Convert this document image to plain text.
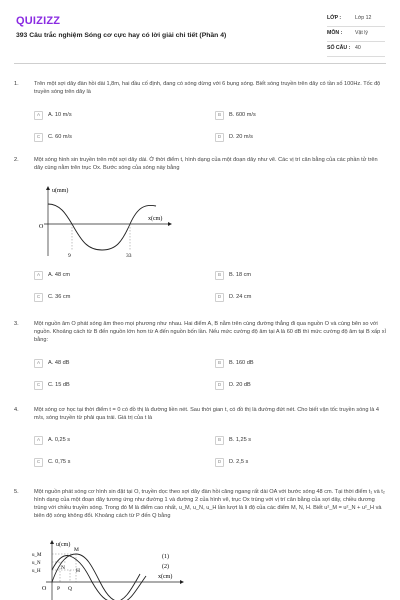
QUIZIZZ
393 Câu trắc nghiệm Sóng cơ cực hay có lời giải chi tiết (Phần 4)
LỚP :	Lớp 12
MÔN :	Vật lý
SỐ CÂU : 40
1.	Trên một sợi dây đàn hồi dài 1,8m, hai đầu cố định, đang có sóng dừng với 6 bụng sóng. Biết sóng truyền trên dây có tần số 100Hz. Tốc độ truyền sóng trên dây là
A	A. 10 m/s	B	B. 600 m/s
C	C. 60 m/s	D	D. 20 m/s
2.	Một sóng hình sin truyền trên một sợi dây dài. Ở thời điểm t, hình dạng của một đoạn dây như vẽ. Các vị trí cân bằng của các phần tử trên dây cùng nằm trên trục Ox. Bước sóng của sóng này bằng
u(mm)
x(cm)
O
9	33
A	A. 48 cm	B	B. 18 cm
C	C. 36 cm	D	D. 24 cm
3.	Một nguồn âm O phát sóng âm theo mọi phương như nhau. Hai điểm A, B nằm trên cùng đường thẳng đi qua nguồn O và cùng bên so với nguồn. Khoảng cách từ B đến nguồn lớn hơn từ A đến nguồn bốn lần. Nếu mức cường độ âm tại A là 60 dB thì mức cường độ âm tại B xấp xỉ bằng:
A	A. 48 dB	B	B. 160 dB
C	C. 15 dB	D	D. 20 dB
4.	Một sóng cơ học tại thời điểm t = 0 có đồ thị là đường liền nét. Sau thời gian t, có đồ thị là đường đứt nét. Cho biết vận tốc truyền sóng là 4 m/s, sóng truyền từ phải qua trái. Giá trị của t là
A	A. 0,25 s	B	B. 1,25 s
C	C. 0,75 s	D	D. 2,5 s
5.	Một nguồn phát sóng cơ hình sin đặt tại O, truyền dọc theo sợi dây đàn hồi căng ngang rất dài OA với bước sóng 48 cm. Tại thời điểm t₁ và t₂ hình dạng của một đoạn dây tương ứng như đường 1 và đường 2 của hình vẽ, trục Ox trùng với vị trí cân bằng của sợi dây, chiều dương trùng với chiều truyền sóng. Trong đó M là điểm cao nhất, u_M, u_N, u_H lần lượt là li độ của các điểm M, N, H. Biết u²_M = u²_N + u²_H và biên độ sóng không đổi. Khoảng cách từ P đến Q bằng
u(cm)
x(cm)
O
u_M
u_N
u_H
M
N H
P Q
(1)
(2)
